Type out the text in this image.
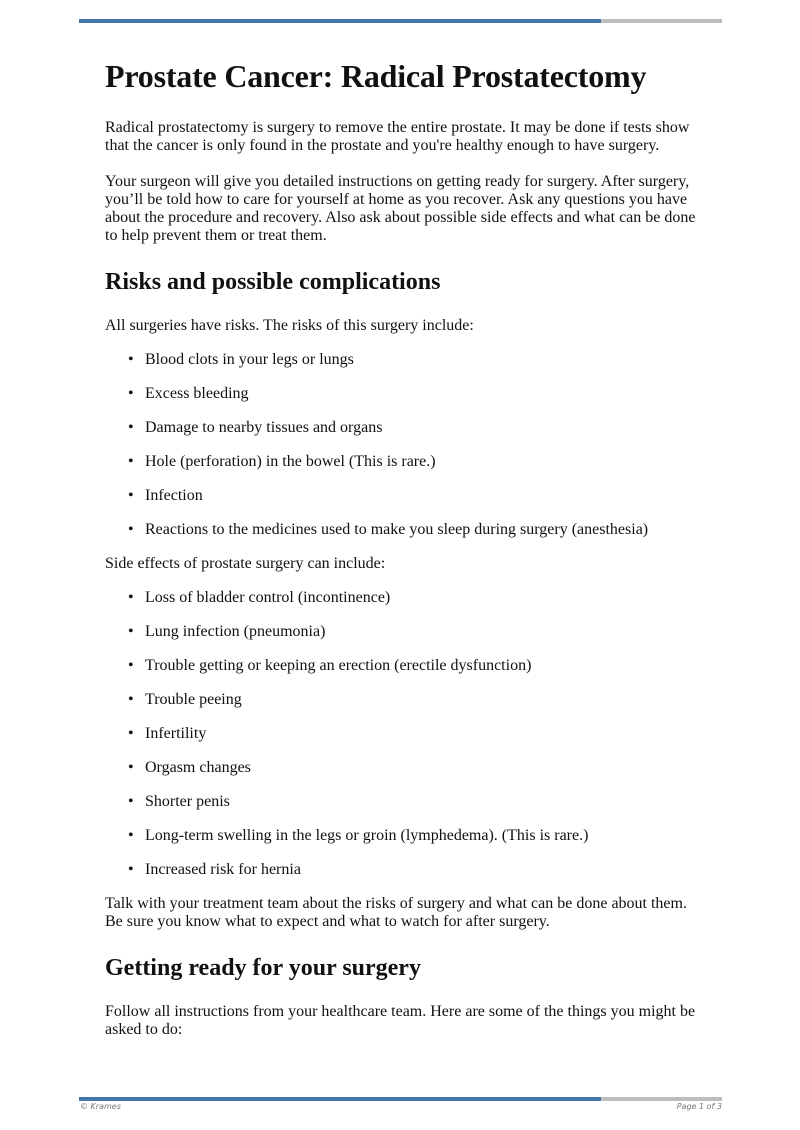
Prostate Cancer: Radical Prostatectomy

Radical prostatectomy is surgery to remove the entire prostate. It may be done if tests show that the cancer is only found in the prostate and you're healthy enough to have surgery.

Your surgeon will give you detailed instructions on getting ready for surgery. After surgery, you’ll be told how to care for yourself at home as you recover. Ask any questions you have about the procedure and recovery. Also ask about possible side effects and what can be done to help prevent them or treat them.

Risks and possible complications

All surgeries have risks. The risks of this surgery include:

• Blood clots in your legs or lungs
• Excess bleeding
• Damage to nearby tissues and organs
• Hole (perforation) in the bowel (This is rare.)
• Infection
• Reactions to the medicines used to make you sleep during surgery (anesthesia)

Side effects of prostate surgery can include:

• Loss of bladder control (incontinence)
• Lung infection (pneumonia)
• Trouble getting or keeping an erection (erectile dysfunction)
• Trouble peeing
• Infertility
• Orgasm changes
• Shorter penis
• Long-term swelling in the legs or groin (lymphedema). (This is rare.)
• Increased risk for hernia

Talk with your treatment team about the risks of surgery and what can be done about them. Be sure you know what to expect and what to watch for after surgery.

Getting ready for your surgery

Follow all instructions from your healthcare team. Here are some of the things you might be asked to do:

© Krames	Page 1 of 3
